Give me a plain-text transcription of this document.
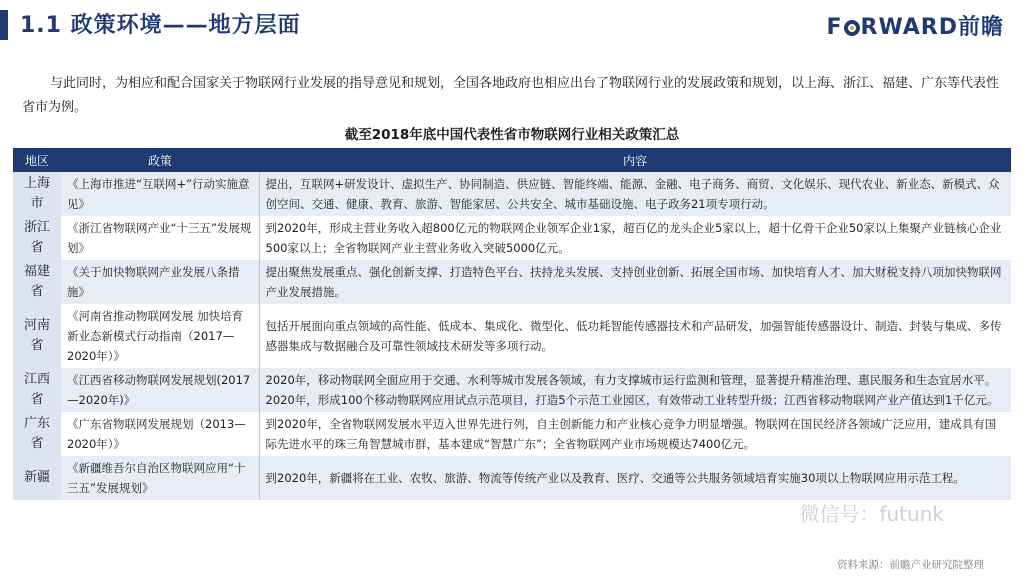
1.1 政策环境——地方层面	F RWARD前瞻
与此同时，为相应和配合国家关于物联网行业发展的指导意见和规划，全国各地政府也相应出台了物联网行业的发展政策和规划，以上海、浙江、福建、广东等代表性省市为例。
截至2018年底中国代表性省市物联网行业相关政策汇总
地区	政策	内容
上海市	《上海市推进“互联网+”行动实施意见》	提出，互联网+研发设计、虚拟生产、协同制造、供应链、智能终端、能源、金融、电子商务、商贸、文化娱乐、现代农业、新业态、新模式、众创空间、交通、健康、教育、旅游、智能家居、公共安全、城市基础设施、电子政务21项专项行动。
浙江省	《浙江省物联网产业“十三五”发展规划》	到2020年，形成主营业务收入超800亿元的物联网企业领军企业1家，超百亿的龙头企业5家以上，超十亿骨干企业50家以上集聚产业链核心企业500家以上；全省物联网产业主营业务收入突破5000亿元。
福建省	《关于加快物联网产业发展八条措施》	提出聚焦发展重点、强化创新支撑、打造特色平台、扶持龙头发展、支持创业创新、拓展全国市场、加快培育人才、加大财税支持八项加快物联网产业发展措施。
河南省	《河南省推动物联网发展 加快培育新业态新模式行动指南（2017—2020年）》	包括开展面向重点领域的高性能、低成本、集成化、微型化、低功耗智能传感器技术和产品研发，加强智能传感器设计、制造、封装与集成、多传感器集成与数据融合及可靠性领域技术研发等多项行动。
江西省	《江西省移动物联网发展规划(2017—2020年)》	2020年，移动物联网全面应用于交通、水利等城市发展各领域，有力支撑城市运行监测和管理，显著提升精准治理、惠民服务和生态宜居水平。2020年，形成100个移动物联网应用试点示范项目，打造5个示范工业园区，有效带动工业转型升级；江西省移动物联网产业产值达到1千亿元。
广东省	《广东省物联网发展规划（2013—2020年）》	到2020年，全省物联网发展水平迈入世界先进行列，自主创新能力和产业核心竞争力明显增强。物联网在国民经济各领域广泛应用，建成具有国际先进水平的珠三角智慧城市群，基本建成“智慧广东”；全省物联网产业市场规模达7400亿元。
新疆	《新疆维吾尔自治区物联网应用“十三五”发展规划》	到2020年，新疆将在工业、农牧、旅游、物流等传统产业以及教育、医疗、交通等公共服务领域培育实施30项以上物联网应用示范工程。
微信号：futunk
资料来源：前瞻产业研究院整理
